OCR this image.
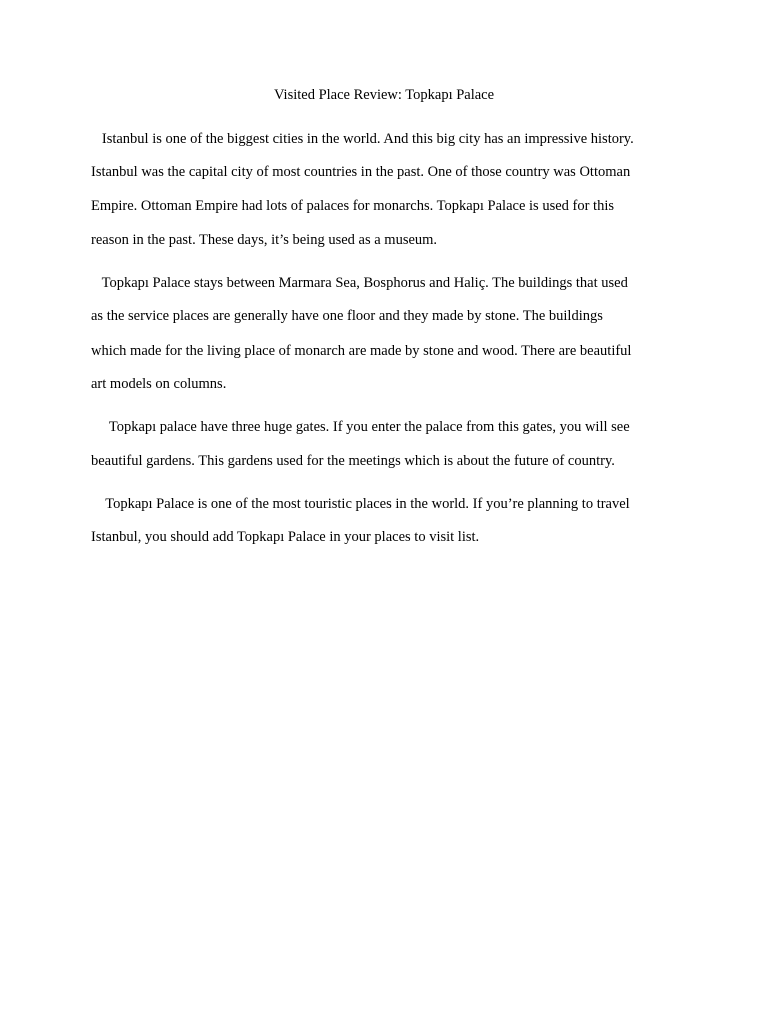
Visited Place Review: Topkapı Palace
Istanbul is one of the biggest cities in the world. And this big city has an impressive history.
Istanbul was the capital city of most countries in the past. One of those country was Ottoman
Empire. Ottoman Empire had lots of palaces for monarchs. Topkapı Palace is used for this
reason in the past. These days, it’s being used as a museum.
Topkapı Palace stays between Marmara Sea, Bosphorus and Haliç. The buildings that used
as the service places are generally have one floor and they made by stone. The buildings
which made for the living place of monarch are made by stone and wood. There are beautiful
art models on columns.
Topkapı palace have three huge gates. If you enter the palace from this gates, you will see
beautiful gardens. This gardens used for the meetings which is about the future of country.
Topkapı Palace is one of the most touristic places in the world. If you’re planning to travel
Istanbul, you should add Topkapı Palace in your places to visit list.
